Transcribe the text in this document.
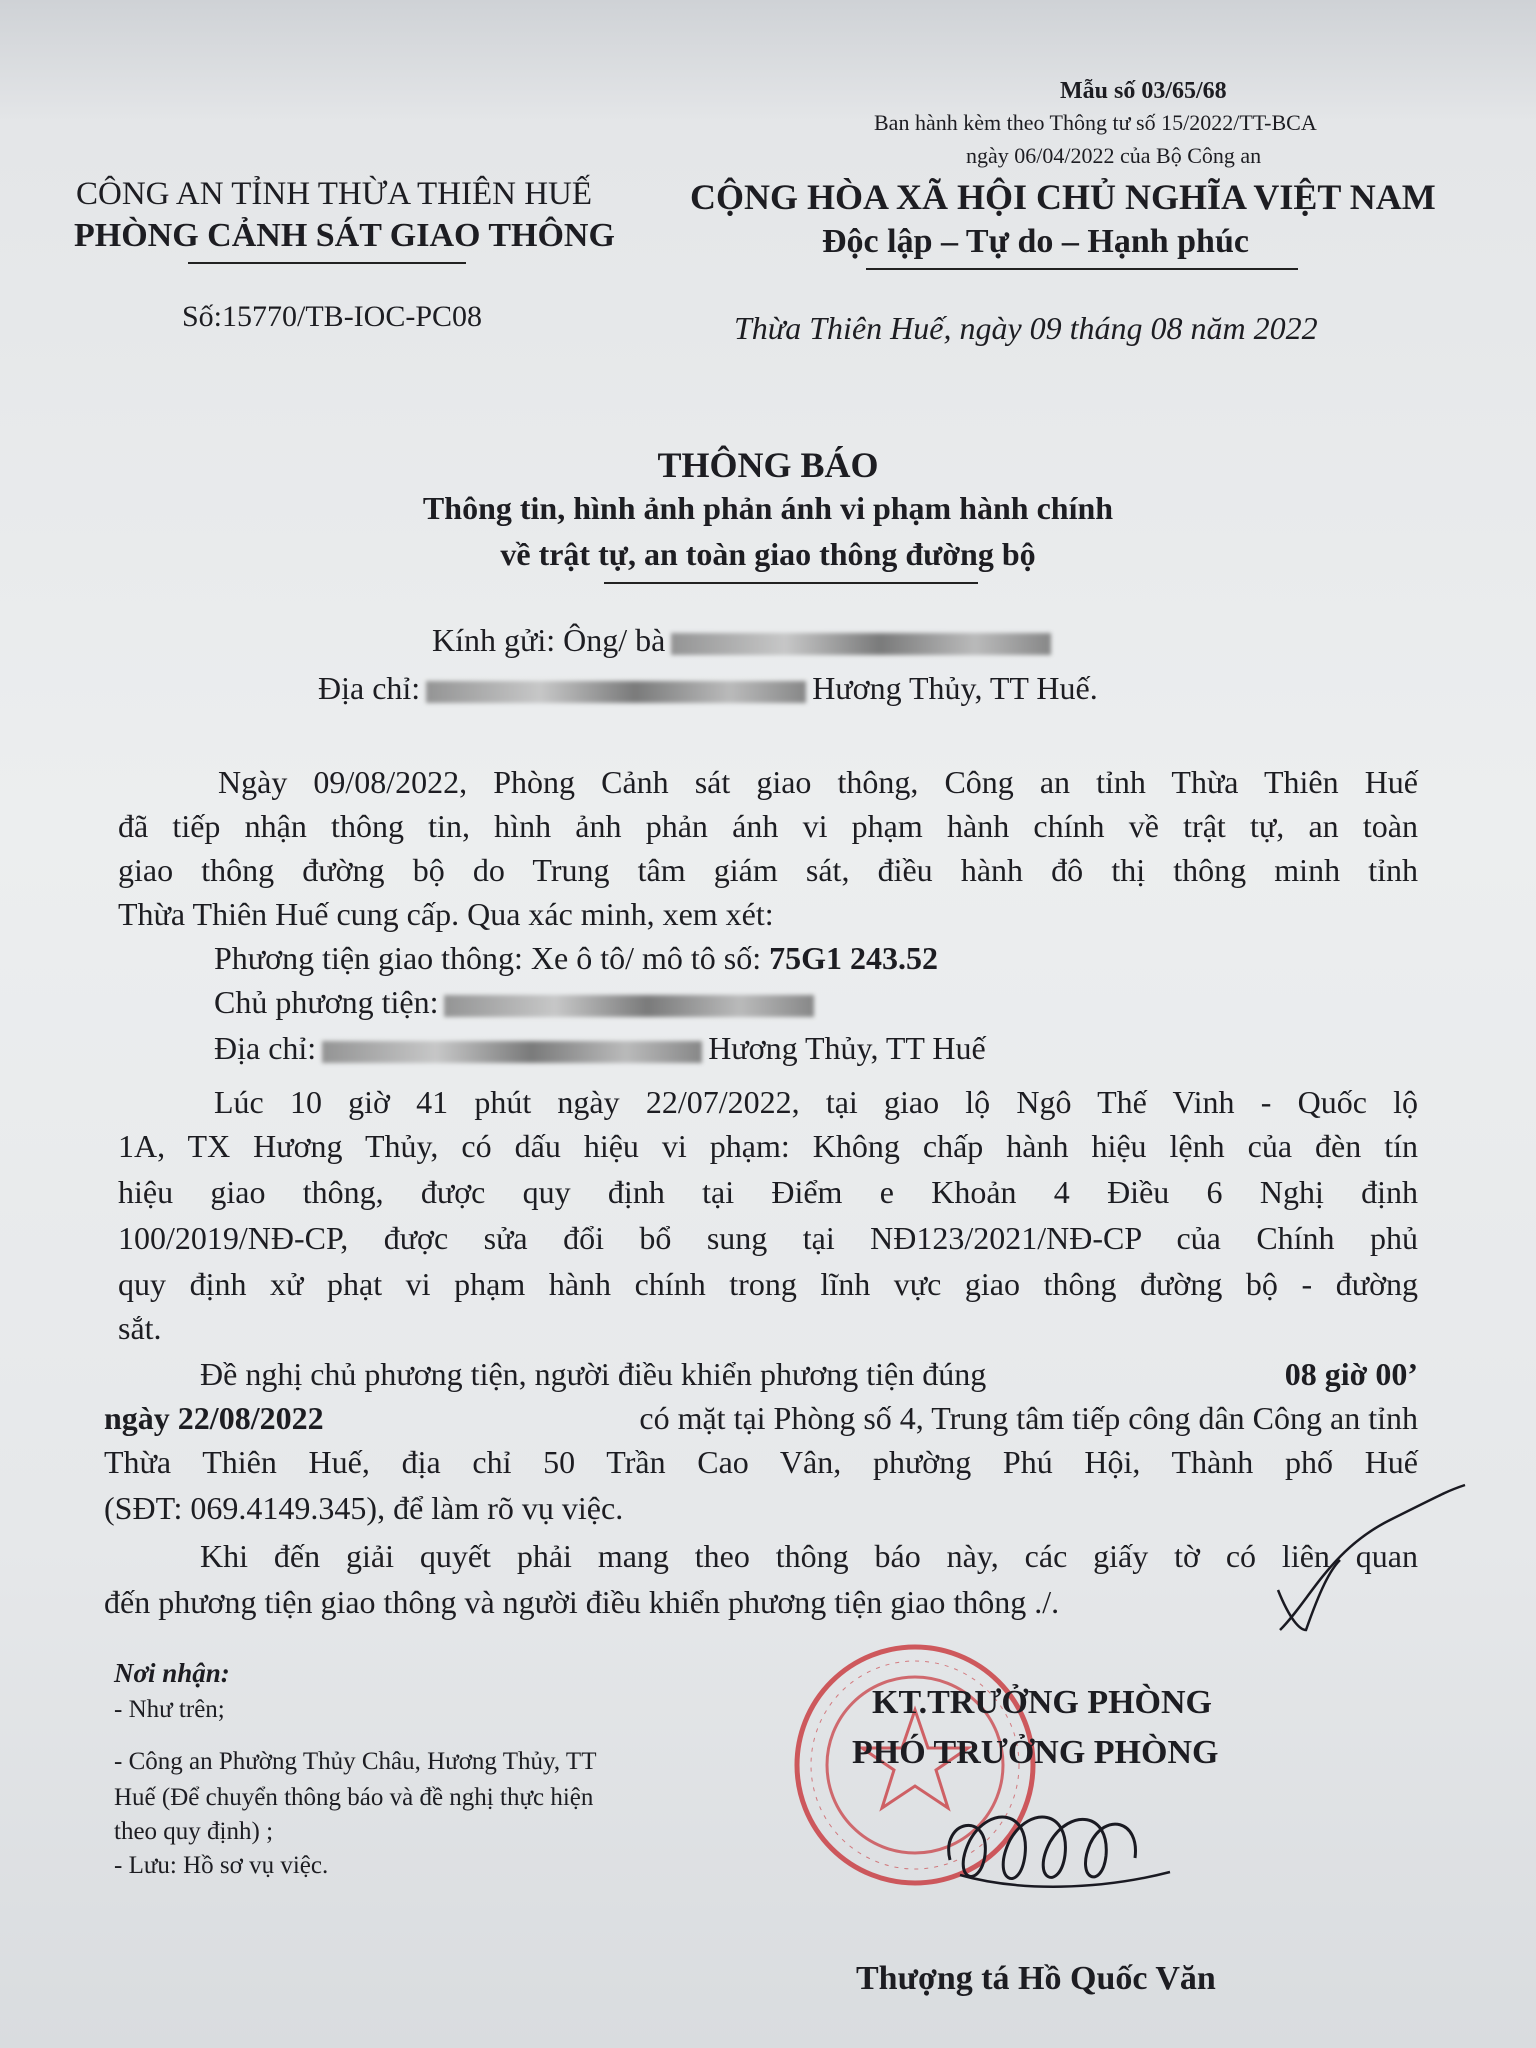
Mẫu số 03/65/68
Ban hành kèm theo Thông tư số 15/2022/TT-BCA
ngày 06/04/2022 của Bộ Công an
CÔNG AN TỈNH THỪA THIÊN HUẾ
PHÒNG CẢNH SÁT GIAO THÔNG
Số:15770/TB-IOC-PC08
CỘNG HÒA XÃ HỘI CHỦ NGHĨA VIỆT NAM
Độc lập – Tự do – Hạnh phúc
Thừa Thiên Huế, ngày 09 tháng 08 năm 2022
THÔNG BÁO
Thông tin, hình ảnh phản ánh vi phạm hành chính
về trật tự, an toàn giao thông đường bộ
Kính gửi: Ông/ bà
Địa chỉ:	Hương Thủy, TT Huế.
Ngày 09/08/2022, Phòng Cảnh sát giao thông, Công an tỉnh Thừa Thiên Huế
đã tiếp nhận thông tin, hình ảnh phản ánh vi phạm hành chính về trật tự, an toàn
giao thông đường bộ do Trung tâm giám sát, điều hành đô thị thông minh tỉnh
Thừa Thiên Huế cung cấp. Qua xác minh, xem xét:
Phương tiện giao thông: Xe ô tô/ mô tô số: 75G1 243.52
Chủ phương tiện:
Địa chỉ:	Hương Thủy, TT Huế
Lúc 10 giờ 41 phút ngày 22/07/2022, tại giao lộ Ngô Thế Vinh - Quốc lộ
1A, TX Hương Thủy, có dấu hiệu vi phạm: Không chấp hành hiệu lệnh của đèn tín
hiệu giao thông, được quy định tại Điểm e Khoản 4 Điều 6 Nghị định
100/2019/NĐ-CP, được sửa đổi bổ sung tại NĐ123/2021/NĐ-CP của Chính phủ
quy định xử phạt vi phạm hành chính trong lĩnh vực giao thông đường bộ - đường
sắt.
Đề nghị chủ phương tiện, người điều khiển phương tiện đúng	08 giờ 00’
ngày 22/08/2022	có mặt tại Phòng số 4, Trung tâm tiếp công dân Công an tỉnh
Thừa Thiên Huế, địa chỉ 50 Trần Cao Vân, phường Phú Hội, Thành phố Huế
(SĐT: 069.4149.345), để làm rõ vụ việc.
Khi đến giải quyết phải mang theo thông báo này, các giấy tờ có liên quan
đến phương tiện giao thông và người điều khiển phương tiện giao thông ./.
Nơi nhận:
- Như trên;
- Công an Phường Thủy Châu, Hương Thủy, TT
Huế (Để chuyển thông báo và đề nghị thực hiện
theo quy định) ;
- Lưu: Hồ sơ vụ việc.
KT.TRƯỞNG PHÒNG
PHÓ TRƯỞNG PHÒNG
Thượng tá Hồ Quốc Văn
